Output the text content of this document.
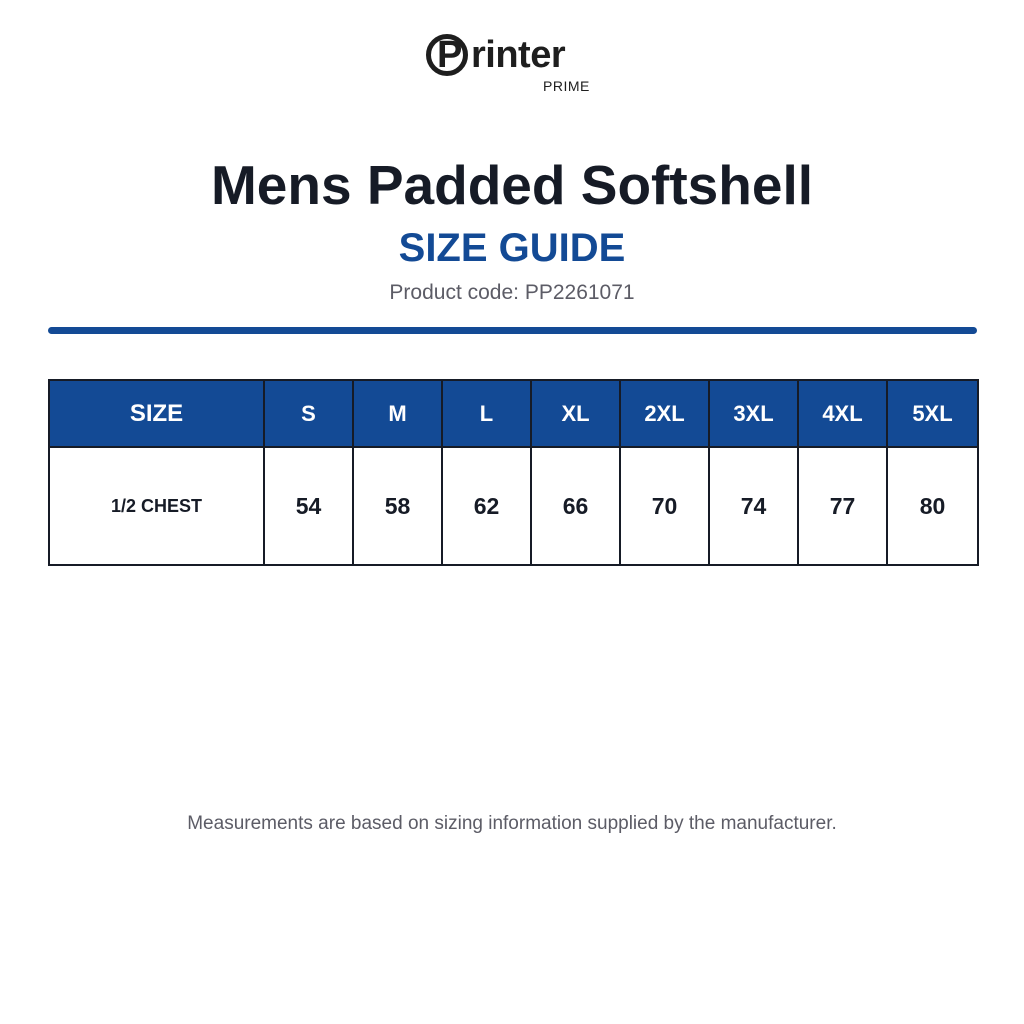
P rinter
PRIME
Mens Padded Softshell
SIZE GUIDE
Product code: PP2261071
SIZE	S	M	L	XL	2XL	3XL	4XL	5XL
1/2 CHEST	54	58	62	66	70	74	77	80
Measurements are based on sizing information supplied by the manufacturer.
